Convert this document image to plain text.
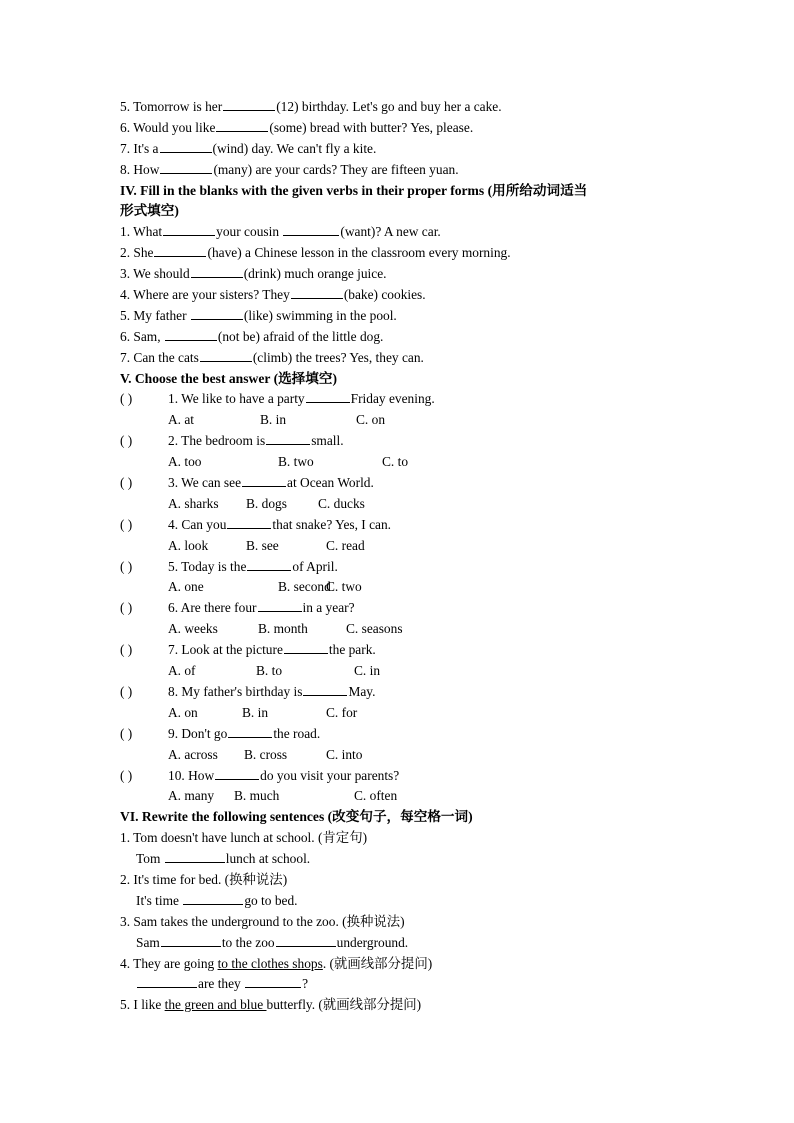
5. Tomorrow is her	(12) birthday. Let's go and buy her a cake.
6. Would you like	(some) bread with butter? Yes, please.
7. It's a	(wind) day. We can't fly a kite.
8. How	(many) are your cards? They are fifteen yuan.
IV. Fill in the blanks with the given verbs in their proper forms (用所给动词适当
形式填空)
1. What	your cousin	(want)? A new car.
2. She	(have) a Chinese lesson in the classroom every morning.
3. We should	(drink) much orange juice.
4. Where are your sisters? They	(bake) cookies.
5. My father	(like) swimming in the pool.
6. Sam,	(not be) afraid of the little dog.
7. Can the cats	(climb) the trees? Yes, they can.
V. Choose the best answer (选择填空)
( )	1. We like to have a party	Friday evening.
A. at	B. in	C. on
( )	2. The bedroom is	small.
A. too	B. two	C. to
( )	3. We can see	at Ocean World.
A. sharks B. dogs C. ducks
( )	4. Can you	that snake? Yes, I can.
A. look	B. see	C. read
( )	5. Today is the	of April.
A. one	B. second
C. two
( )	6. Are there four	in a year?
A. weeks	B. month	C. seasons
( )	7. Look at the picture	the park.
A. of	B. to	C. in
( )	8. My father's birthday is	May.
A. on	B. in	C. for
( )	9. Don't go	the road.
A. across B. cross	C. into
( )	10. How	do you visit your parents?
A. many B. much	C. often
VI. Rewrite the following sentences (改变句子，每空格一词)
1. Tom doesn't have lunch at school. (肯定句)
Tom	lunch at school.
2. It's time for bed. (换种说法)
It's time	go to bed.
3. Sam takes the underground to the zoo. (换种说法)
Sam	to the zoo	underground.
4. They are going to the clothes shops. (就画线部分提问)
are they	?
5. I like the green and blue butterfly. (就画线部分提问)
